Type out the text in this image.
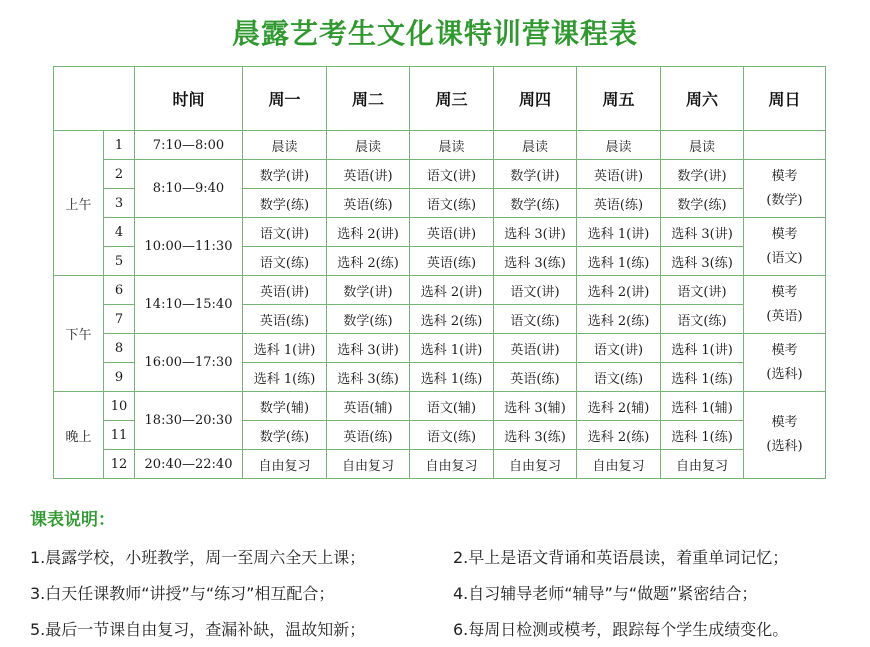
晨露艺考生文化课特训营课程表
		时间	周一	周二	周三	周四	周五	周六	周日
上午	1	7:10—8:00	晨读	晨读	晨读	晨读	晨读	晨读	
	2	8:10—9:40	数学(讲)	英语(讲)	语文(讲)	数学(讲)	英语(讲)	数学(讲)	模考
(数学)

	3		数学(练)	英语(练)	语文(练)	数学(练)	英语(练)	数学(练)	
	4	10:00—11:30	语文(讲)	选科 2(讲)	英语(讲)	选科 3(讲)	选科 1(讲)	选科 3(讲)	模考
(语文)

	5		语文(练)	选科 2(练)	英语(练)	选科 3(练)	选科 1(练)	选科 3(练)	
下午	6	14:10—15:40	英语(讲)	数学(讲)	选科 2(讲)	语文(讲)	选科 2(讲)	语文(讲)	模考
(英语)

	7		英语(练)	数学(练)	选科 2(练)	语文(练)	选科 2(练)	语文(练)	
	8	16:00—17:30	选科 1(讲)	选科 3(讲)	选科 1(讲)	英语(讲)	语文(讲)	选科 1(讲)	模考
(选科)

	9		选科 1(练)	选科 3(练)	选科 1(练)	英语(练)	语文(练)	选科 1(练)	
晚上	10	18:30—20:30	数学(辅)	英语(辅)	语文(辅)	选科 3(辅)	选科 2(辅)	选科 1(辅)	模考
(选科)

	11		数学(练)	英语(练)	语文(练)	选科 3(练)	选科 2(练)	选科 1(练)	
	12	20:40—22:40	自由复习	自由复习	自由复习	自由复习	自由复习	自由复习	
课表说明：
1.晨露学校，小班教学，周一至周六全天上课；	2.早上是语文背诵和英语晨读，着重单词记忆；
3.白天任课教师“讲授”与“练习”相互配合；	4.自习辅导老师“辅导”与“做题”紧密结合；
5.最后一节课自由复习，查漏补缺，温故知新；	6.每周日检测或模考，跟踪每个学生成绩变化。
